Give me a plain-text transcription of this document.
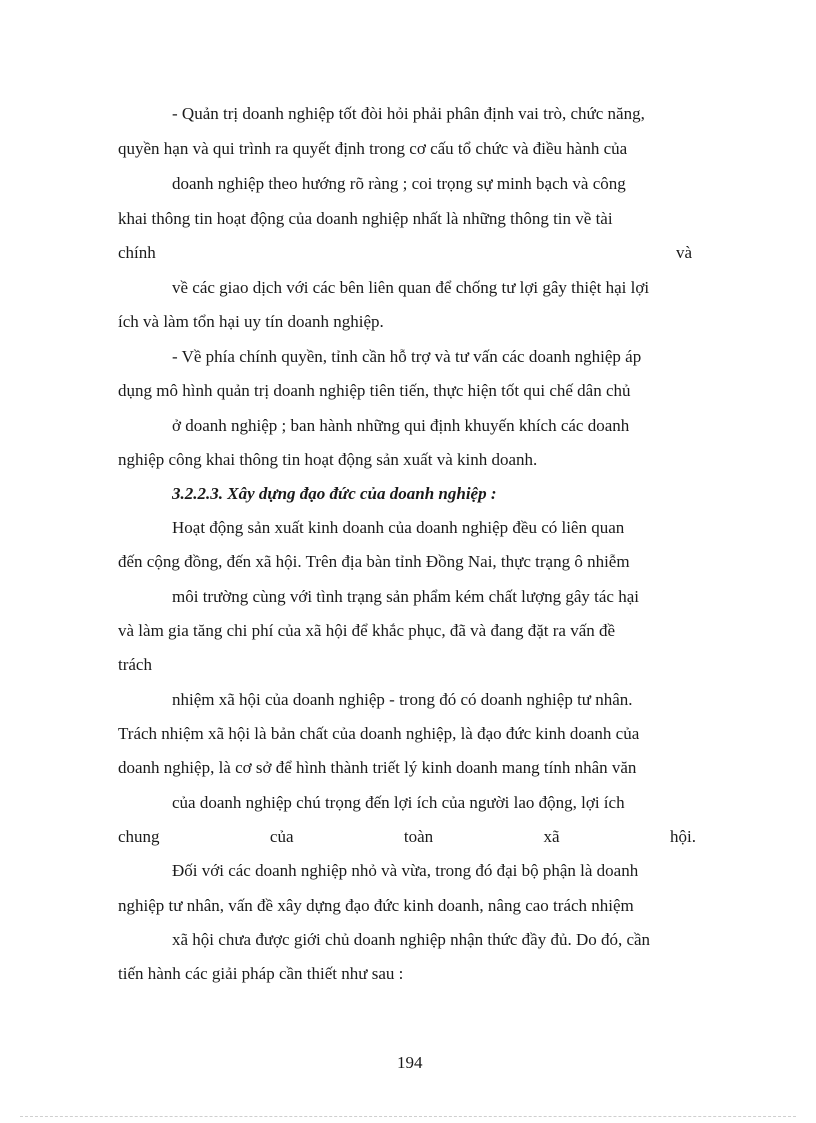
- Quản trị doanh nghiệp tốt đòi hỏi phải phân định vai trò, chức năng,
quyền hạn và qui trình ra quyết định trong cơ cấu tổ chức và điều hành của
doanh nghiệp theo hướng rõ ràng ; coi trọng sự minh bạch và công
khai thông tin hoạt động của doanh nghiệp nhất là những thông tin về tài
chính	và
về các giao dịch với các bên liên quan để chống tư lợi gây thiệt hại lợi
ích và làm tổn hại uy tín doanh nghiệp.
- Về phía chính quyền, tỉnh cần hỗ trợ và tư vấn các doanh nghiệp áp
dụng mô hình quản trị doanh nghiệp tiên tiến, thực hiện tốt qui chế dân chủ
ở doanh nghiệp ; ban hành những qui định khuyến khích các doanh
nghiệp công khai thông tin hoạt động sản xuất và kinh doanh.
3.2.2.3. Xây dựng đạo đức của doanh nghiệp :
Hoạt động sản xuất kinh doanh của doanh nghiệp đều có liên quan
đến cộng đồng, đến xã hội. Trên địa bàn tỉnh Đồng Nai, thực trạng ô nhiễm
môi trường cùng với tình trạng sản phẩm kém chất lượng gây tác hại
và làm gia tăng chi phí của xã hội để khắc phục, đã và đang đặt ra vấn đề
trách
nhiệm xã hội của doanh nghiệp - trong đó có doanh nghiệp tư nhân.
Trách nhiệm xã hội là bản chất của doanh nghiệp, là đạo đức kinh doanh của
doanh nghiệp, là cơ sở để hình thành triết lý kinh doanh mang tính nhân văn
của doanh nghiệp chú trọng đến lợi ích của người lao động, lợi ích
chung	của	toàn	xã	hội.
Đối với các doanh nghiệp nhỏ và vừa, trong đó đại bộ phận là doanh
nghiệp tư nhân, vấn đề xây dựng đạo đức kinh doanh, nâng cao trách nhiệm
xã hội chưa được giới chủ doanh nghiệp nhận thức đầy đủ. Do đó, cần
tiến hành các giải pháp cần thiết như sau :
194
